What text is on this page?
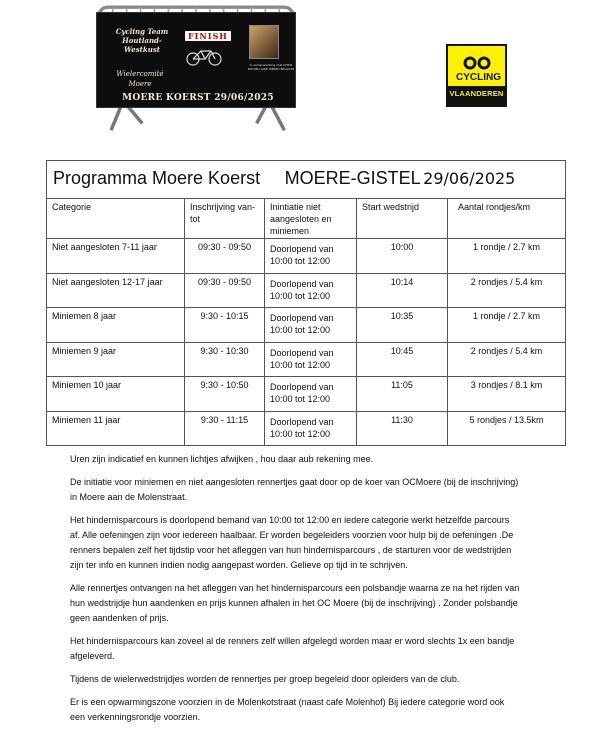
Cycling Team Houtland-Westkust
FINISH
In samenwerking met CHRIS MAHIEU GIER OBRED BELGIUM
Wielercomité
Moere
MOERE KOERST 29/06/2025
CYCLING
VLAANDEREN
Programma Moere Koerst MOERE-GISTEL 29/06/2025				
Categorie	Inschrijving van-tot	Inintiatie niet aangesloten en miniemen	Start wedstrijd	Aantal rondjes/km
Niet aangesloten 7-11 jaar	09:30 - 09:50	Doorlopend van 10:00 tot 12:00	10:00	1 rondje / 2.7 km
Niet aangesloten 12-17 jaar	09:30 - 09:50	Doorlopend van 10:00 tot 12:00	10:14	2 rondjes / 5.4 km
Miniemen 8 jaar	9:30 - 10:15	Doorlopend van 10:00 tot 12:00	10:35	1 rondje / 2.7 km
Miniemen 9 jaar	9:30 - 10:30	Doorlopend van 10:00 tot 12:00	10:45	2 rondjes / 5.4 km
Miniemen 10 jaar	9:30 - 10:50	Doorlopend van 10:00 tot 12:00	11:05	3 rondjes / 8.1 km
Miniemen 11 jaar	9:30 - 11:15	Doorlopend van 10:00 tot 12:00	11:30	5 rondjes / 13.5km

Uren zijn indicatief en kunnen lichtjes afwijken , hou daar aub rekening mee.

De initiatie voor miniemen en niet aangesloten rennertjes gaat door op de koer van OCMoere (bij de inschrijving) in Moere aan de Molenstraat.

Het hindernisparcours is doorlopend bemand van 10:00 tot 12:00 en iedere categorie werkt hetzelfde parcours af. Alle oefeningen zijn voor iedereen haalbaar. Er worden begeleiders voorzien voor hulp bij de oefeningen .De renners bepalen zelf het tijdstip voor het afleggen van hun hindernisparcours , de starturen voor de wedstrijden zijn ter info en kunnen indien nodig aangepast worden. Gelieve op tijd in te schrijven.

Alle rennertjes ontvangen na het afleggen van het hindernisparcours een polsbandje waarna ze na het rijden van hun wedstrijdje hun aandenken en prijs kunnen afhalen in het OC Moere (bij de inschrijving) . Zonder polsbandje geen aandenken of prijs.

Het hindernisparcours kan zoveel al de renners zelf willen afgelegd worden maar er word slechts 1x een bandje afgeleverd.

Tijdens de wielerwedstrijdjes worden de rennertjes per groep begeleid door opleiders van de club.

Er is een opwarmingszone voorzien in de Molenkotstraat (naast cafe Molenhof) Bij iedere categorie word ook een verkenningsrondje voorzien.
